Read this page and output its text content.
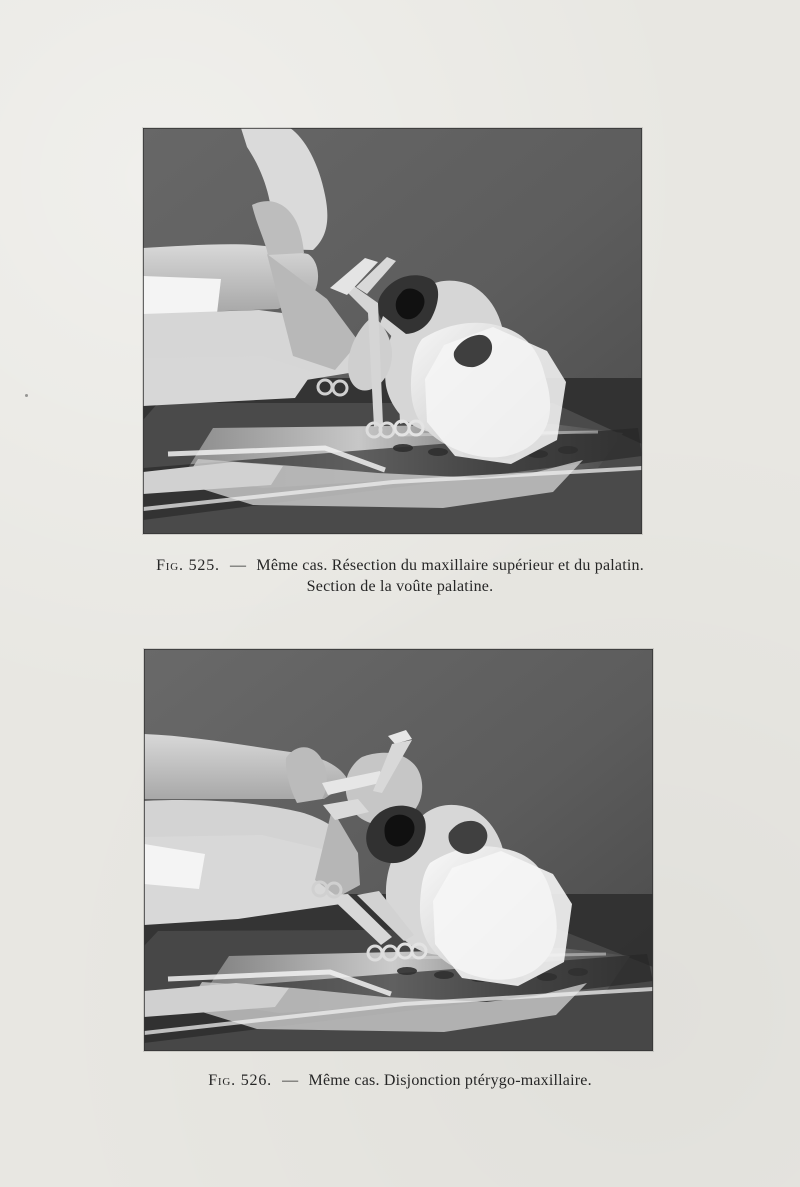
Fig. 525. — Même cas. Résection du maxillaire supérieur et du palatin.
Section de la voûte palatine.
Fig. 526. — Même cas. Disjonction ptérygo-maxillaire.
